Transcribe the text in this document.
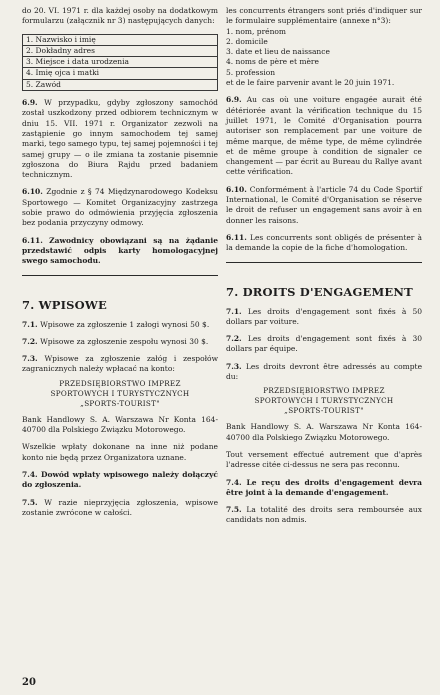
do 20. VI. 1971 r. dla każdej osoby na dodatkowym formularzu (załącznik nr 3) następujących danych:

1. Nazwisko i imię
2. Dokładny adres
3. Miejsce i data urodzenia
4. Imię ojca i matki
5. Zawód

6.9. W przypadku, gdyby zgłoszony samochód został uszkodzony przed odbiorem technicznym w dniu 15. VII. 1971 r. Organizator zezwoli na zastąpienie go innym samochodem tej samej marki, tego samego typu, tej samej pojemności i tej samej grupy — o ile zmiana ta zostanie pisemnie zgłoszona do Biura Rajdu przed badaniem technicznym.

6.10. Zgodnie z § 74 Międzynarodowego Kodeksu Sportowego — Komitet Organizacyjny zastrzega sobie prawo do odmówienia przyjęcia zgłoszenia bez podania przyczyny odmowy.

6.11. Zawodnicy obowiązani są na żądanie przedstawić odpis karty homologacyjnej swego samochodu.

7. WPISOWE

7.1. Wpisowe za zgłoszenie 1 załogi wynosi 50 $.

7.2. Wpisowe za zgłoszenie zespołu wynosi 30 $.

7.3. Wpisowe za zgłoszenie załóg i zespołów zagranicznych należy wpłacać na konto:

PRZEDSIĘBIORSTWO IMPREZ
SPORTOWYCH I TURYSTYCZNYCH
„SPORTS-TOURIST"

Bank Handlowy S. A. Warszawa Nr Konta 164-40700 dla Polskiego Związku Motorowego.

Wszelkie wpłaty dokonane na inne niż podane konto nie będą przez Organizatora uznane.

7.4. Dowód wpłaty wpisowego należy dołączyć do zgłoszenia.

7.5. W razie nieprzyjęcia zgłoszenia, wpisowe zostanie zwrócone w całości.

les concurrents étrangers sont priés d'indiquer sur le formulaire supplémentaire (annexe n°3):

1. nom, prénom
2. domicile
3. date et lieu de naissance
4. noms de père et mère
5. profession

et de le faire parvenir avant le 20 juin 1971.

6.9. Au cas où une voiture engagée aurait été détériorée avant la vérification technique du 15 juillet 1971, le Comité d'Organisation pourra autoriser son remplacement par une voiture de même marque, de même type, de même cylindrée et de même groupe à condition de signaler ce changement — par écrit au Bureau du Rallye avant cette vérification.

6.10. Conformément à l'article 74 du Code Sportif International, le Comité d'Organisation se réserve le droit de refuser un engagement sans avoir à en donner les raisons.

6.11. Les concurrents sont obligés de présenter à la demande la copie de la fiche d'homologation.

7. DROITS D'ENGAGEMENT

7.1. Les droits d'engagement sont fixés à 50 dollars par voiture.

7.2. Les droits d'engagement sont fixés à 30 dollars par équipe.

7.3. Les droits devront être adressés au compte du:

PRZEDSIĘBIORSTWO IMPREZ
SPORTOWYCH I TURYSTYCZNYCH
„SPORTS-TOURIST"

Bank Handlowy S. A. Warszawa Nr Konta 164-40700 dla Polskiego Związku Motorowego.

Tout versement effectué autrement que d'après l'adresse citée ci-dessus ne sera pas reconnu.

7.4. Le reçu des droits d'engagement devra être joint à la demande d'engagement.

7.5. La totalité des droits sera remboursée aux candidats non admis.

20
